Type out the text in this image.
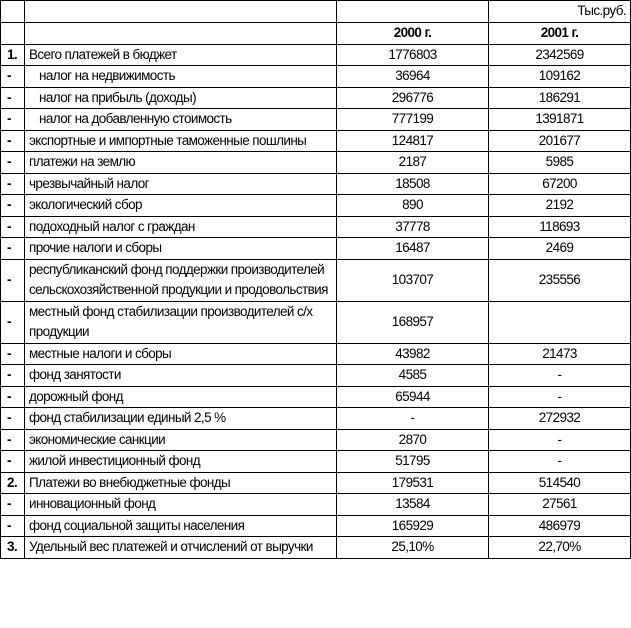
			Тыс.руб.
		2000 г.	2001 г.
1.	Всего платежей в бюджет	1776803	2342569
-	налог на недвижимость	36964	109162
-	налог на прибыль (доходы)	296776	186291
-	налог на добавленную стоимость	777199	1391871
-	экспортные и импортные таможенные пошлины	124817	201677
-	платежи на землю	2187	5985
-	чрезвычайный налог	18508	67200
-	экологический сбор	890	2192
-	подоходный налог с граждан	37778	118693
-	прочие налоги и сборы	16487	2469
-	республиканский фонд поддержки производителей сельскохозяйственной продукции и продовольствия	103707	235556
-	местный фонд стабилизации производителей с/х продукции	168957	
-	местные налоги и сборы	43982	21473
-	фонд занятости	4585	-
-	дорожный фонд	65944	-
-	фонд стабилизации единый 2,5 %	-	272932
-	экономические санкции	2870	-
-	жилой инвестиционный фонд	51795	-
2.	Платежи во внебюджетные фонды	179531	514540
-	инновационный фонд	13584	27561
-	фонд социальной защиты населения	165929	486979
3.	Удельный вес платежей и отчислений от выручки	25,10%	22,70%
